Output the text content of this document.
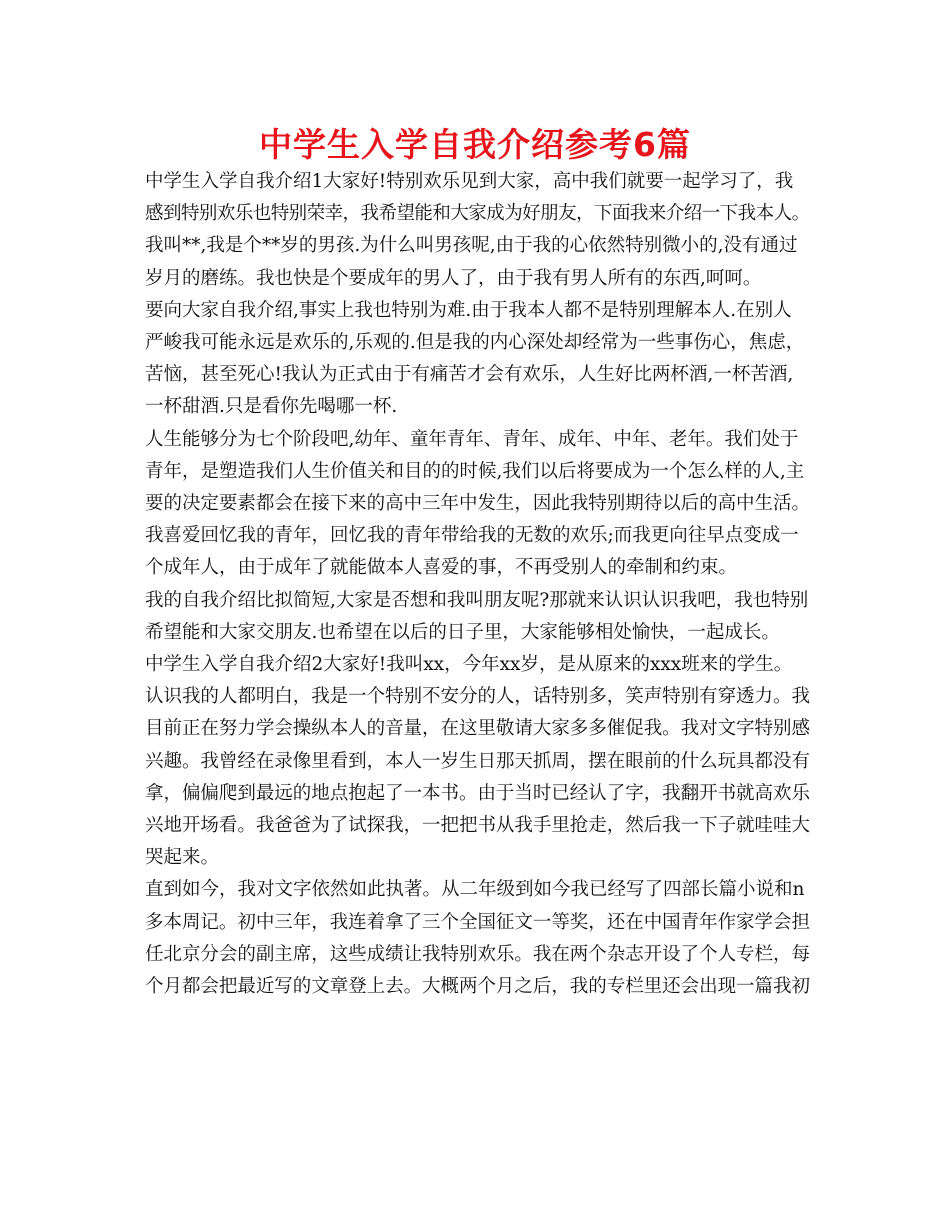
中学生入学自我介绍参考6篇
中学生入学自我介绍1大家好!特别欢乐见到大家，高中我们就要一起学习了，我
感到特别欢乐也特别荣幸，我希望能和大家成为好朋友，下面我来介绍一下我本人。
我叫**,我是个**岁的男孩.为什么叫男孩呢,由于我的心依然特别微小的,没有通过
岁月的磨练。我也快是个要成年的男人了，由于我有男人所有的东西,呵呵。
要向大家自我介绍,事实上我也特别为难.由于我本人都不是特别理解本人.在别人
严峻我可能永远是欢乐的,乐观的.但是我的内心深处却经常为一些事伤心，焦虑，
苦恼，甚至死心!我认为正式由于有痛苦才会有欢乐，人生好比两杯酒,一杯苦酒,
一杯甜酒.只是看你先喝哪一杯.
人生能够分为七个阶段吧,幼年、童年青年、青年、成年、中年、老年。我们处于
青年，是塑造我们人生价值关和目的的时候,我们以后将要成为一个怎么样的人,主
要的决定要素都会在接下来的高中三年中发生，因此我特别期待以后的高中生活。
我喜爱回忆我的青年，回忆我的青年带给我的无数的欢乐;而我更向往早点变成一
个成年人，由于成年了就能做本人喜爱的事，不再受别人的牵制和约束。
我的自我介绍比拟简短,大家是否想和我叫朋友呢?那就来认识认识我吧，我也特别
希望能和大家交朋友.也希望在以后的日子里，大家能够相处愉快，一起成长。
中学生入学自我介绍2大家好!我叫xx，今年xx岁，是从原来的xxx班来的学生。
认识我的人都明白，我是一个特别不安分的人，话特别多，笑声特别有穿透力。我
目前正在努力学会操纵本人的音量，在这里敬请大家多多催促我。我对文字特别感
兴趣。我曾经在录像里看到，本人一岁生日那天抓周，摆在眼前的什么玩具都没有
拿，偏偏爬到最远的地点抱起了一本书。由于当时已经认了字，我翻开书就高欢乐
兴地开场看。我爸爸为了试探我，一把把书从我手里抢走，然后我一下子就哇哇大
哭起来。
直到如今，我对文字依然如此执著。从二年级到如今我已经写了四部长篇小说和n
多本周记。初中三年，我连着拿了三个全国征文一等奖，还在中国青年作家学会担
任北京分会的副主席，这些成绩让我特别欢乐。我在两个杂志开设了个人专栏，每
个月都会把最近写的文章登上去。大概两个月之后，我的专栏里还会出现一篇我初
